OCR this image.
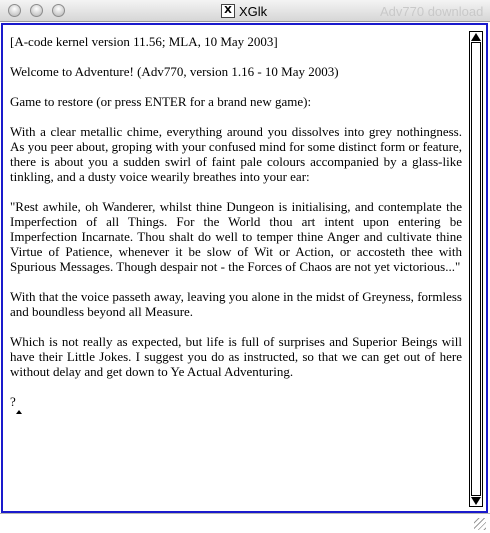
X XGlk	Adv770 download

[A-code kernel version 11.56; MLA, 10 May 2003]

Welcome to Adventure! (Adv770, version 1.16 - 10 May 2003)

Game to restore (or press ENTER for a brand new game):

With a clear metallic chime, everything around you dissolves into grey nothingness. As you peer about, groping with your confused mind for some distinct form or feature, there is about you a sudden swirl of faint pale colours accompanied by a glass-like tinkling, and a dusty voice wearily breathes into your ear:

"Rest awhile, oh Wanderer, whilst thine Dungeon is initialising, and contemplate the Imperfection of all Things. For the World thou art intent upon entering be Imperfection Incarnate. Thou shalt do well to temper thine Anger and cultivate thine Virtue of Patience, whenever it be slow of Wit or Action, or accosteth thee with Spurious Messages. Though despair not - the Forces of Chaos are not yet victorious..."

With that the voice passeth away, leaving you alone in the midst of Greyness, formless and boundless beyond all Measure.

Which is not really as expected, but life is full of surprises and Superior Beings will have their Little Jokes. I suggest you do as instructed, so that we can get out of here without delay and get down to Ye Actual Adventuring.

?
